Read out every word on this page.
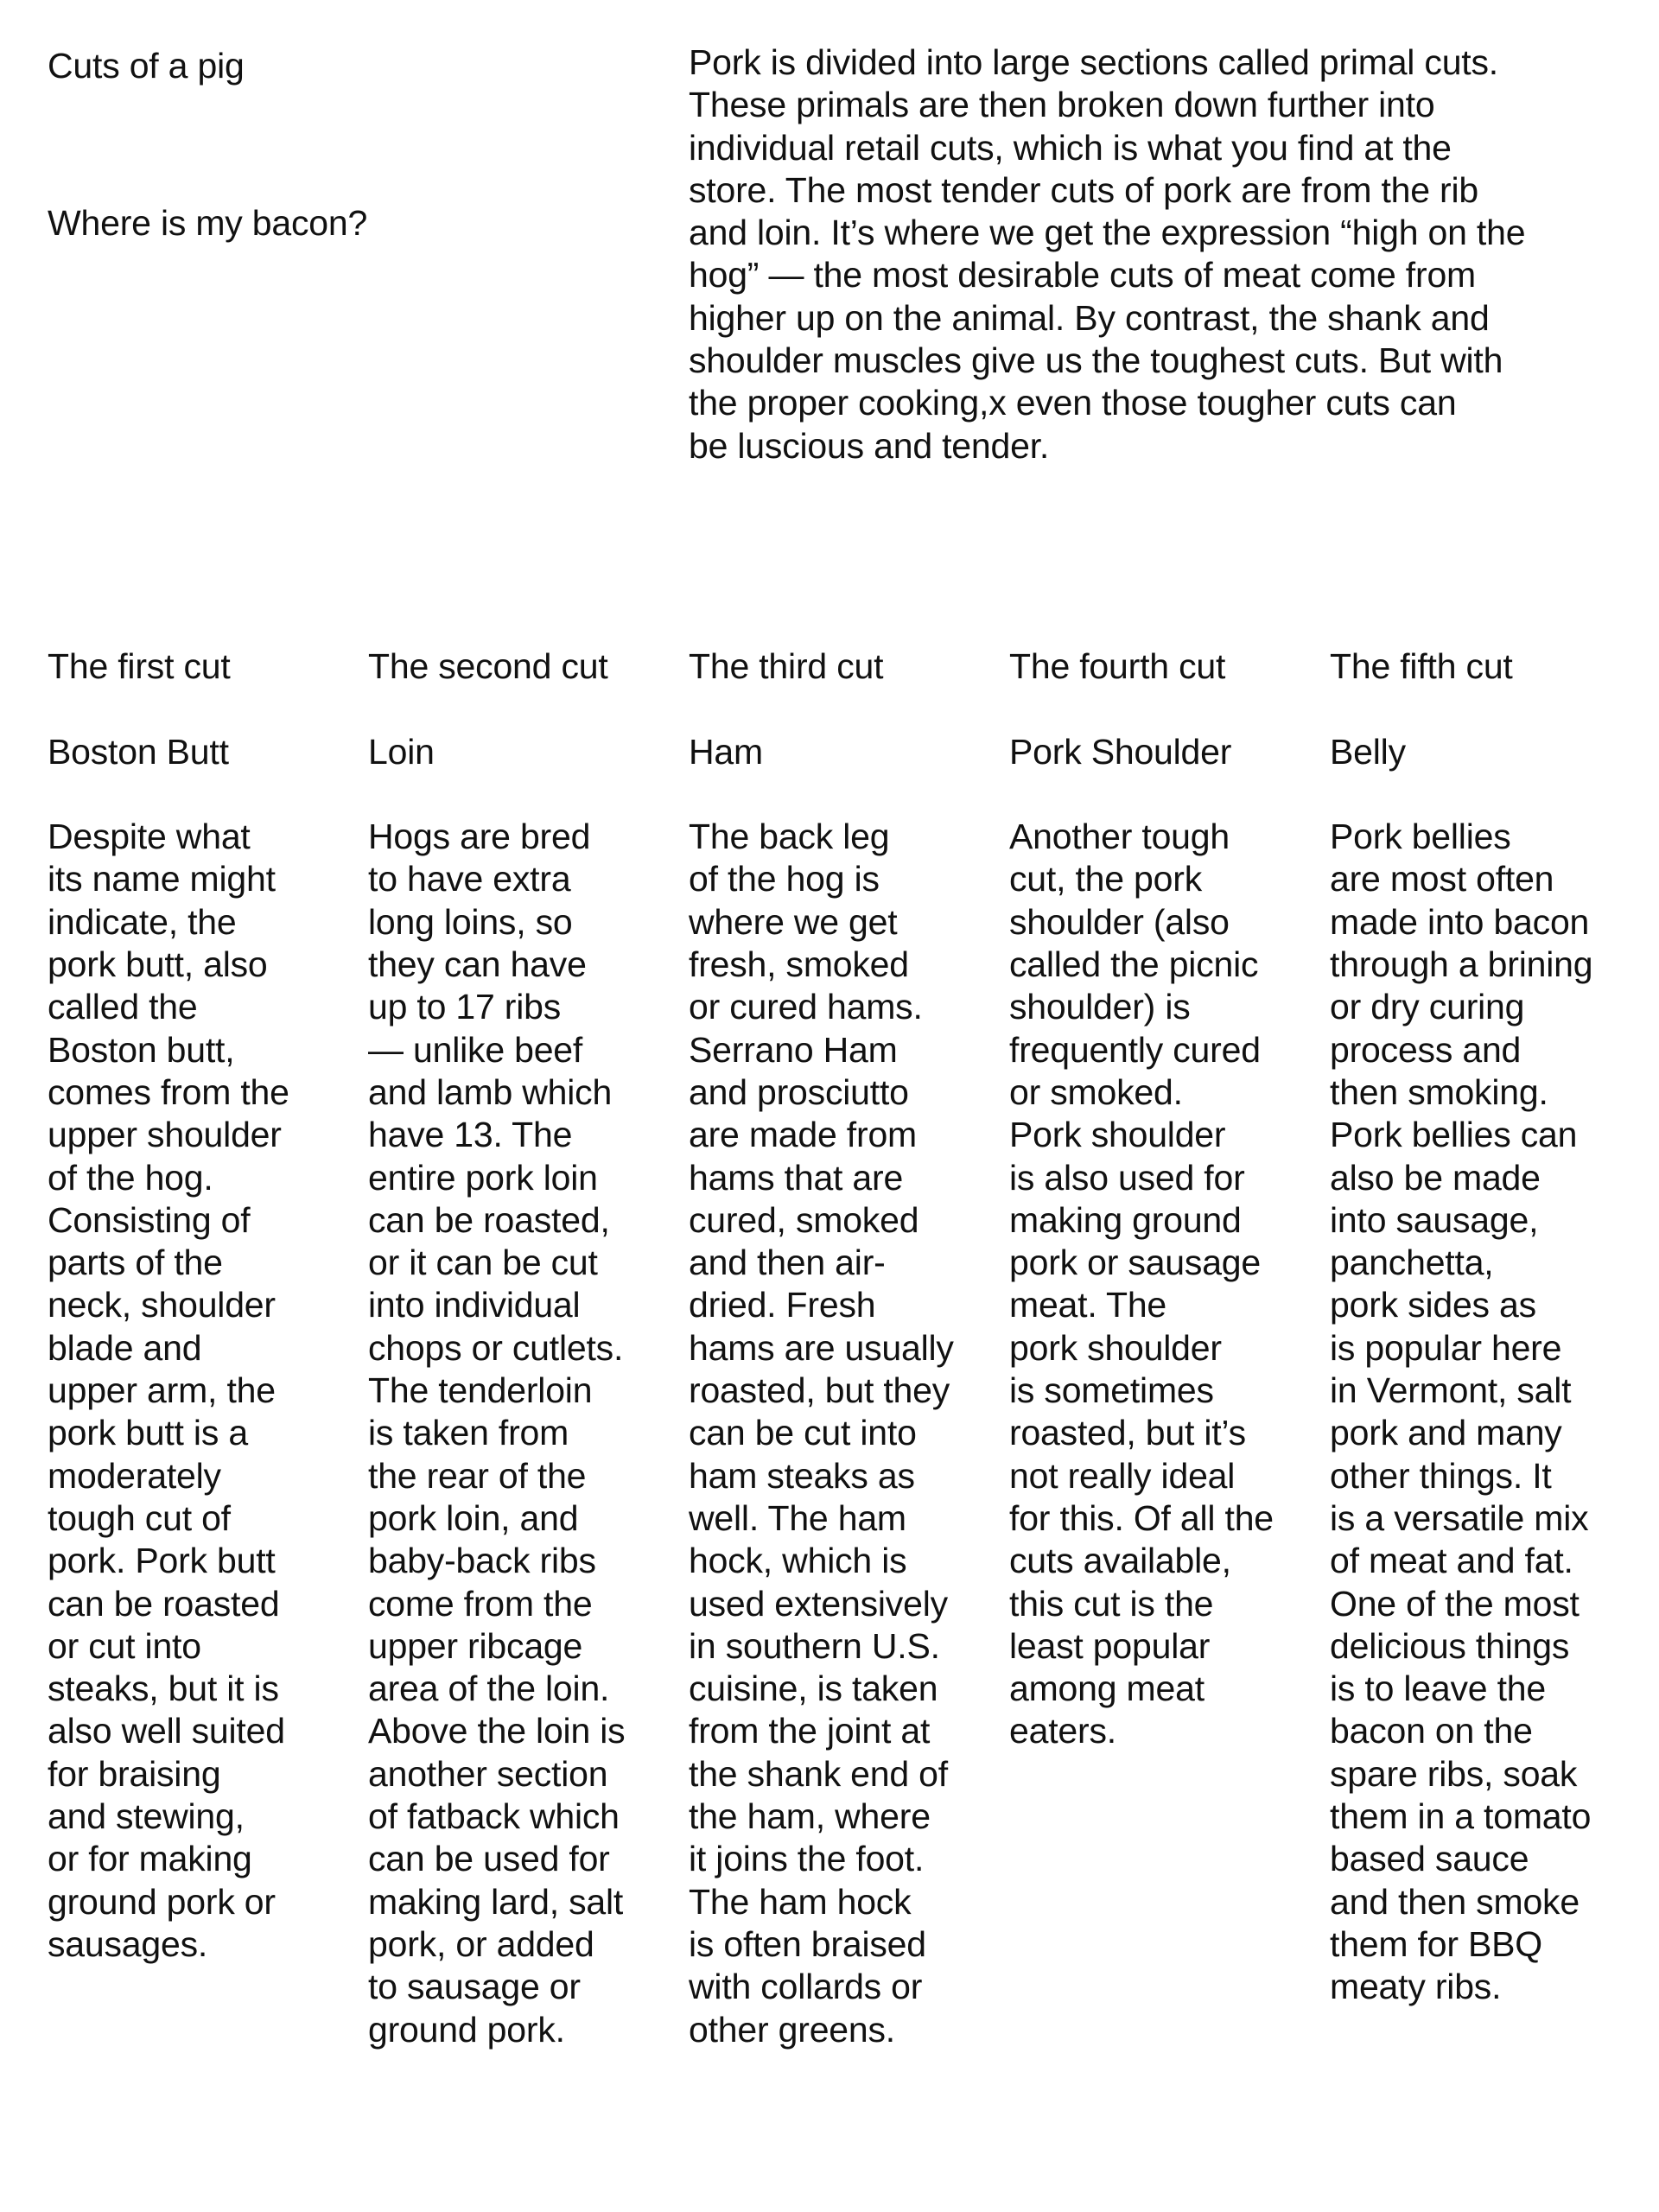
Cuts of a pig

Where is my bacon?

Pork is divided into large sections called primal cuts.
These primals are then broken down further into
individual retail cuts, which is what you find at the
store. The most tender cuts of pork are from the rib
and loin. It’s where we get the expression “high on the
hog” — the most desirable cuts of meat come from
higher up on the animal. By contrast, the shank and
shoulder muscles give us the toughest cuts. But with
the proper cooking,x even those tougher cuts can
be luscious and tender.

The first cut

Boston Butt

Despite what
its name might
indicate, the
pork butt, also
called the
Boston butt,
comes from the
upper shoulder
of the hog.
Consisting of
parts of the
neck, shoulder
blade and
upper arm, the
pork butt is a
moderately
tough cut of
pork. Pork butt
can be roasted
or cut into
steaks, but it is
also well suited
for braising
and stewing,
or for making
ground pork or
sausages.

The second cut

Loin

Hogs are bred
to have extra
long loins, so
they can have
up to 17 ribs
— unlike beef
and lamb which
have 13. The
entire pork loin
can be roasted,
or it can be cut
into individual
chops or cutlets.
The tenderloin
is taken from
the rear of the
pork loin, and
baby-back ribs
come from the
upper ribcage
area of the loin.
Above the loin is
another section
of fatback which
can be used for
making lard, salt
pork, or added
to sausage or
ground pork.

The third cut

Ham

The back leg
of the hog is
where we get
fresh, smoked
or cured hams.
Serrano Ham
and prosciutto
are made from
hams that are
cured, smoked
and then air-
dried. Fresh
hams are usually
roasted, but they
can be cut into
ham steaks as
well. The ham
hock, which is
used extensively
in southern U.S.
cuisine, is taken
from the joint at
the shank end of
the ham, where
it joins the foot.
The ham hock
is often braised
with collards or
other greens.

The fourth cut

Pork Shoulder

Another tough
cut, the pork
shoulder (also
called the picnic
shoulder) is
frequently cured
or smoked.
Pork shoulder
is also used for
making ground
pork or sausage
meat. The
pork shoulder
is sometimes
roasted, but it’s
not really ideal
for this. Of all the
cuts available,
this cut is the
least popular
among meat
eaters.

The fifth cut

Belly

Pork bellies
are most often
made into bacon
through a brining
or dry curing
process and
then smoking.
Pork bellies can
also be made
into sausage,
panchetta,
pork sides as
is popular here
in Vermont, salt
pork and many
other things. It
is a versatile mix
of meat and fat.
One of the most
delicious things
is to leave the
bacon on the
spare ribs, soak
them in a tomato
based sauce
and then smoke
them for BBQ
meaty ribs.
